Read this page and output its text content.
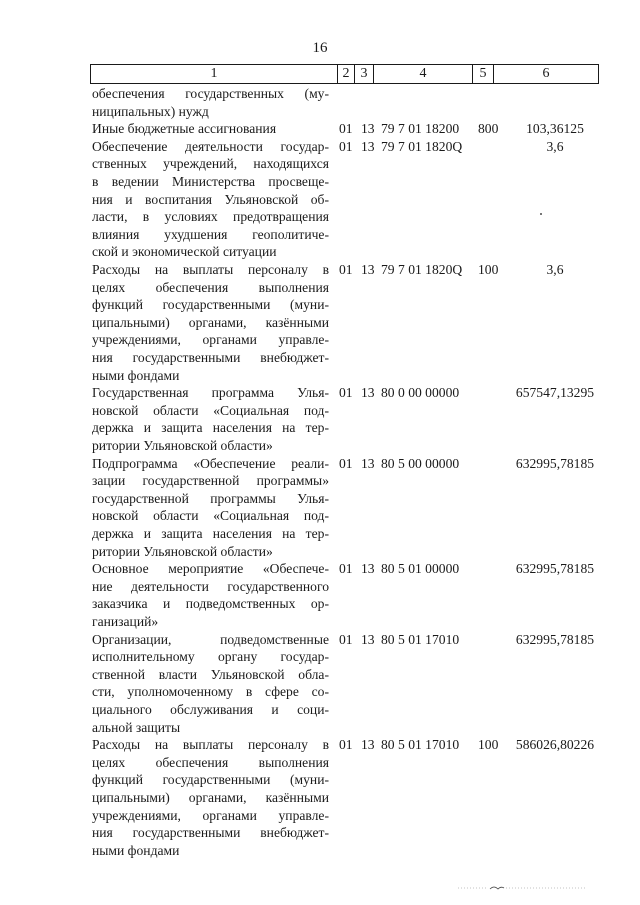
16
1	2	3	4	5	6
обеспечения государственных (му-
ниципальных) нужд
Иные бюджетные ассигнования	01 13 79 7 01 18200 800	103,36125
Обеспечение деятельности государ-
ственных учреждений, находящихся
в ведении Министерства просвеще-
ния и воспитания Ульяновской об-
ласти, в условиях предотвращения
влияния ухудшения геополитиче-
ской и экономической ситуации
01 13 79 7 01 1820Q	3,6
Расходы на выплаты персоналу в
целях обеспечения выполнения
функций государственными (муни-
ципальными) органами, казёнными
учреждениями, органами управле-
ния государственными внебюджет-
ными фондами
01 13 79 7 01 1820Q 100	3,6
Государственная программа Улья-
новской области «Социальная под-
держка и защита населения на тер-
ритории Ульяновской области»
01 13 80 0 00 00000	657547,13295
Подпрограмма «Обеспечение реали-
зации государственной программы»
государственной программы Улья-
новской области «Социальная под-
держка и защита населения на тер-
ритории Ульяновской области»
01 13 80 5 00 00000	632995,78185
Основное мероприятие «Обеспече-
ние деятельности государственного
заказчика и подведомственных ор-
ганизаций»
01 13 80 5 01 00000	632995,78185
Организации, подведомственные
исполнительному органу государ-
ственной власти Ульяновской обла-
сти, уполномоченному в сфере со-
циального обслуживания и соци-
альной защиты
01 13 80 5 01 17010	632995,78185
Расходы на выплаты персоналу в
целях обеспечения выполнения
функций государственными (муни-
ципальными) органами, казёнными
учреждениями, органами управле-
ния государственными внебюджет-
ными фондами
01 13 80 5 01 17010 100	586026,80226
